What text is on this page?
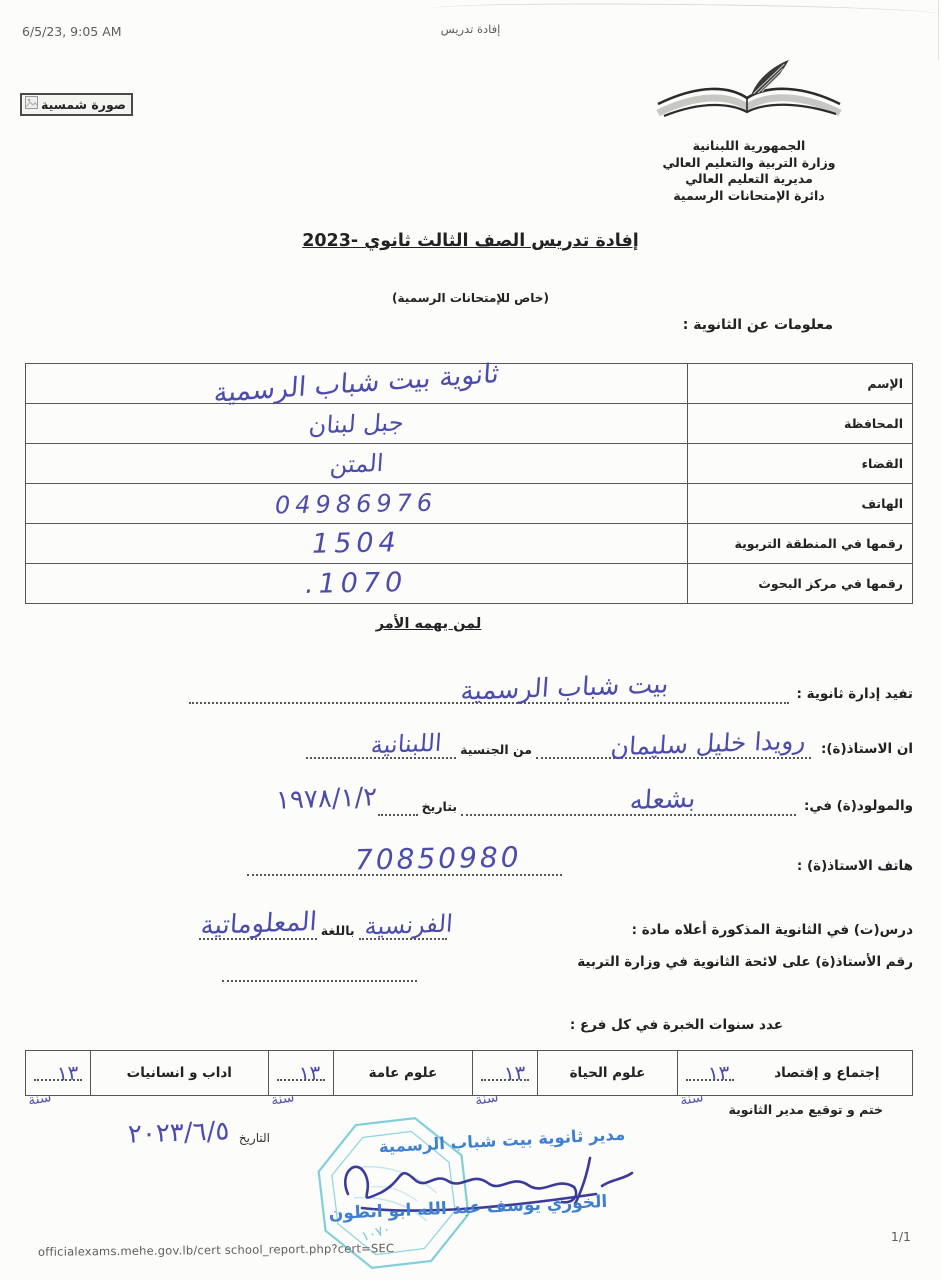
6/5/23, 9:05 AM	إفادة تدريس
صورة شمسية
الجمهورية اللبنانية
وزارة التربية والتعليم العالي
مديرية التعليم العالي
دائرة الإمتحانات الرسمية
إفادة تدريس الصف الثالث ثانوي -2023
(خاص للإمتحانات الرسمية)
معلومات عن الثانوية :
الإسم
ثانوية بيت شباب الرسمية
المحافظة
جبل لبنان
القضاء
المتن
الهاتف
04986976
رقمها في المنطقة التربوية
1504
رقمها في مركز البحوث
1070.
لمن يهمه الأمر
تفيد إدارة ثانوية :
بيت شباب الرسمية
ان الاستاذ(ة):
رويدا خليل سليمان
من الجنسية
اللبنانية
والمولود(ة) في:
بشعله
بتاريخ
١٩٧٨/١/٢
هاتف الاستاذ(ة) :
70850980
درس(ت) في الثانوية المذكورة أعلاه مادة :
الفرنسية
باللغة
المعلوماتية
رقم الأستاذ(ة) على لائحة الثانوية في وزارة التربية
عدد سنوات الخبرة في كل فرع :
إجتماع و إقتصاد
١٣
سنة
علوم الحياة
١٣
سنة
علوم عامة
١٣
سنة
اداب و انسانيات
١٣
سنة
ختم و توقيع مدير الثانوية
التاريخ
٢٠٢٣/٦/٥
١٠٧٠
مدير ثانوية بيت شباب الرسمية
الخوري يوسف عبد الله ابو انطون
officialexams.mehe.gov.lb/cert school_report.php?cert=SEC
1/1
